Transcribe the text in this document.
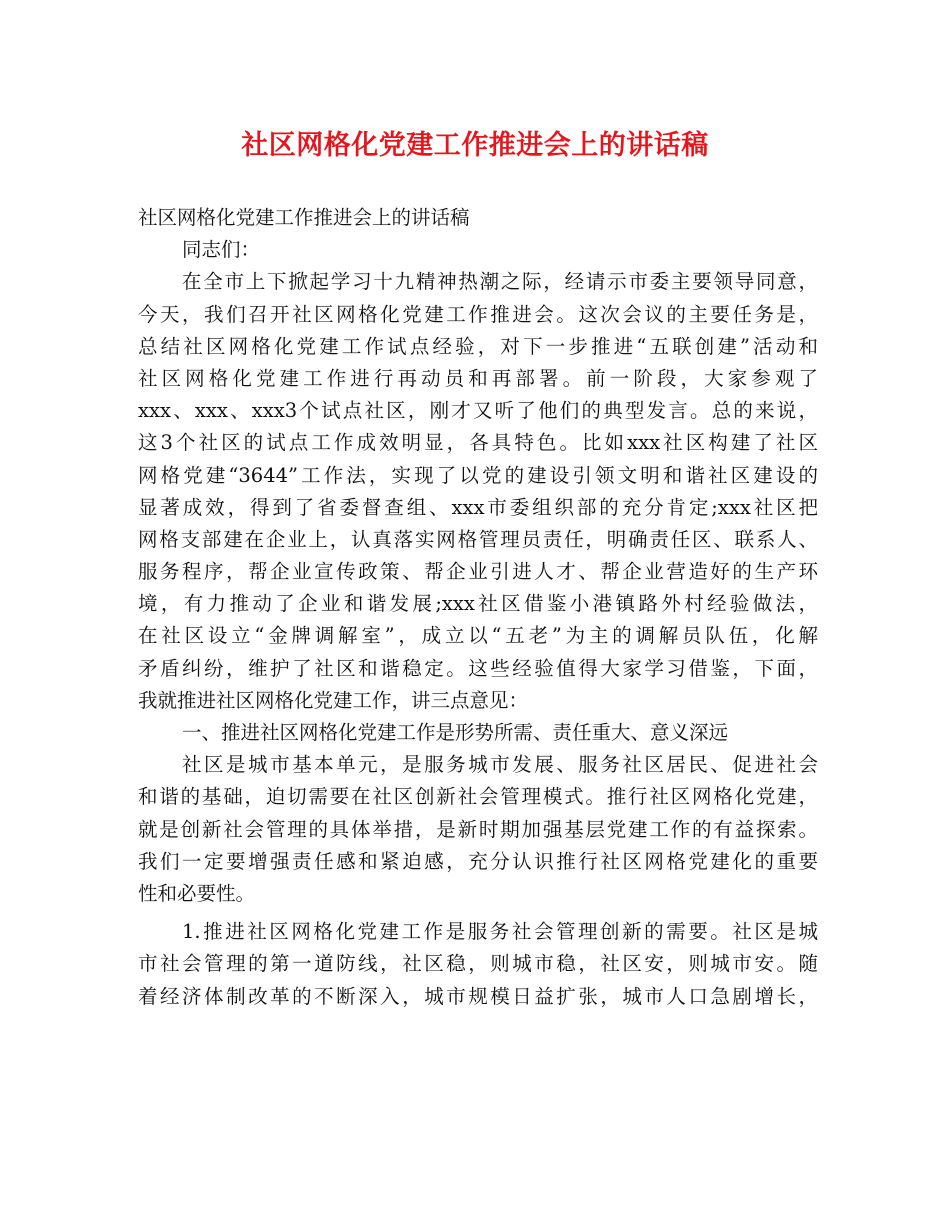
社区网格化党建工作推进会上的讲话稿
社区网格化党建工作推进会上的讲话稿
同志们：
在全市上下掀起学习十九精神热潮之际，经请示市委主要领导同意，
今天，我们召开社区网格化党建工作推进会。这次会议的主要任务是，
总结社区网格化党建工作试点经验，对下一步推进“五联创建”活动和
社区网格化党建工作进行再动员和再部署。前一阶段，大家参观了
xxx、xxx、xxx3个试点社区，刚才又听了他们的典型发言。总的来说，
这3个社区的试点工作成效明显，各具特色。比如xxx社区构建了社区
网格党建“3644”工作法，实现了以党的建设引领文明和谐社区建设的
显著成效，得到了省委督查组、xxx市委组织部的充分肯定;xxx社区把
网格支部建在企业上，认真落实网格管理员责任，明确责任区、联系人、
服务程序，帮企业宣传政策、帮企业引进人才、帮企业营造好的生产环
境，有力推动了企业和谐发展;xxx社区借鉴小港镇路外村经验做法，
在社区设立“金牌调解室”，成立以“五老”为主的调解员队伍，化解
矛盾纠纷，维护了社区和谐稳定。这些经验值得大家学习借鉴，下面，
我就推进社区网格化党建工作，讲三点意见：
一、推进社区网格化党建工作是形势所需、责任重大、意义深远
社区是城市基本单元，是服务城市发展、服务社区居民、促进社会
和谐的基础，迫切需要在社区创新社会管理模式。推行社区网格化党建，
就是创新社会管理的具体举措，是新时期加强基层党建工作的有益探索。
我们一定要增强责任感和紧迫感，充分认识推行社区网格党建化的重要
性和必要性。
1.推进社区网格化党建工作是服务社会管理创新的需要。社区是城
市社会管理的第一道防线，社区稳，则城市稳，社区安，则城市安。随
着经济体制改革的不断深入，城市规模日益扩张，城市人口急剧增长，
